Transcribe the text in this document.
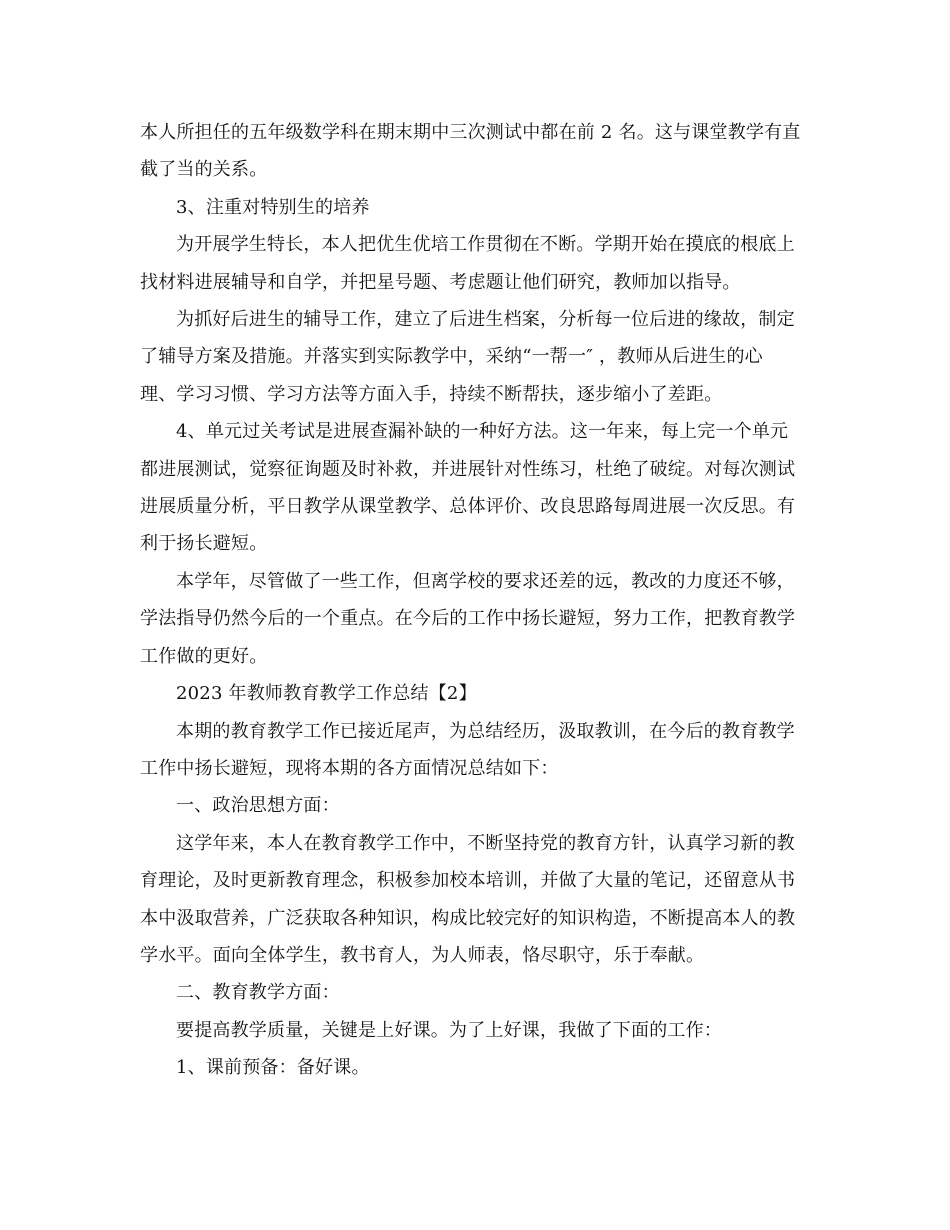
本人所担任的五年级数学科在期末期中三次测试中都在前 2 名。这与课堂教学有直
截了当的关系。

3、注重对特别生的培养

为开展学生特长，本人把优生优培工作贯彻在不断。学期开始在摸底的根底上
找材料进展辅导和自学，并把星号题、考虑题让他们研究，教师加以指导。

为抓好后进生的辅导工作，建立了后进生档案，分析每一位后进的缘故，制定
了辅导方案及措施。并落实到实际教学中，采纳“一帮一″ ，教师从后进生的心
理、学习习惯、学习方法等方面入手，持续不断帮扶，逐步缩小了差距。

4、单元过关考试是进展查漏补缺的一种好方法。这一年来，每上完一个单元
都进展测试，觉察征询题及时补救，并进展针对性练习，杜绝了破绽。对每次测试
进展质量分析，平日教学从课堂教学、总体评价、改良思路每周进展一次反思。有
利于扬长避短。

本学年，尽管做了一些工作，但离学校的要求还差的远，教改的力度还不够，
学法指导仍然今后的一个重点。在今后的工作中扬长避短，努力工作，把教育教学
工作做的更好。

2023 年教师教育教学工作总结【2】

本期的教育教学工作已接近尾声，为总结经历，汲取教训，在今后的教育教学
工作中扬长避短，现将本期的各方面情况总结如下：

一、政治思想方面：

这学年来，本人在教育教学工作中，不断坚持党的教育方针，认真学习新的教
育理论，及时更新教育理念，积极参加校本培训，并做了大量的笔记，还留意从书
本中汲取营养，广泛获取各种知识，构成比较完好的知识构造，不断提高本人的教
学水平。面向全体学生，教书育人，为人师表，恪尽职守，乐于奉献。

二、教育教学方面：

要提高教学质量，关键是上好课。为了上好课，我做了下面的工作：

1、课前预备：备好课。
